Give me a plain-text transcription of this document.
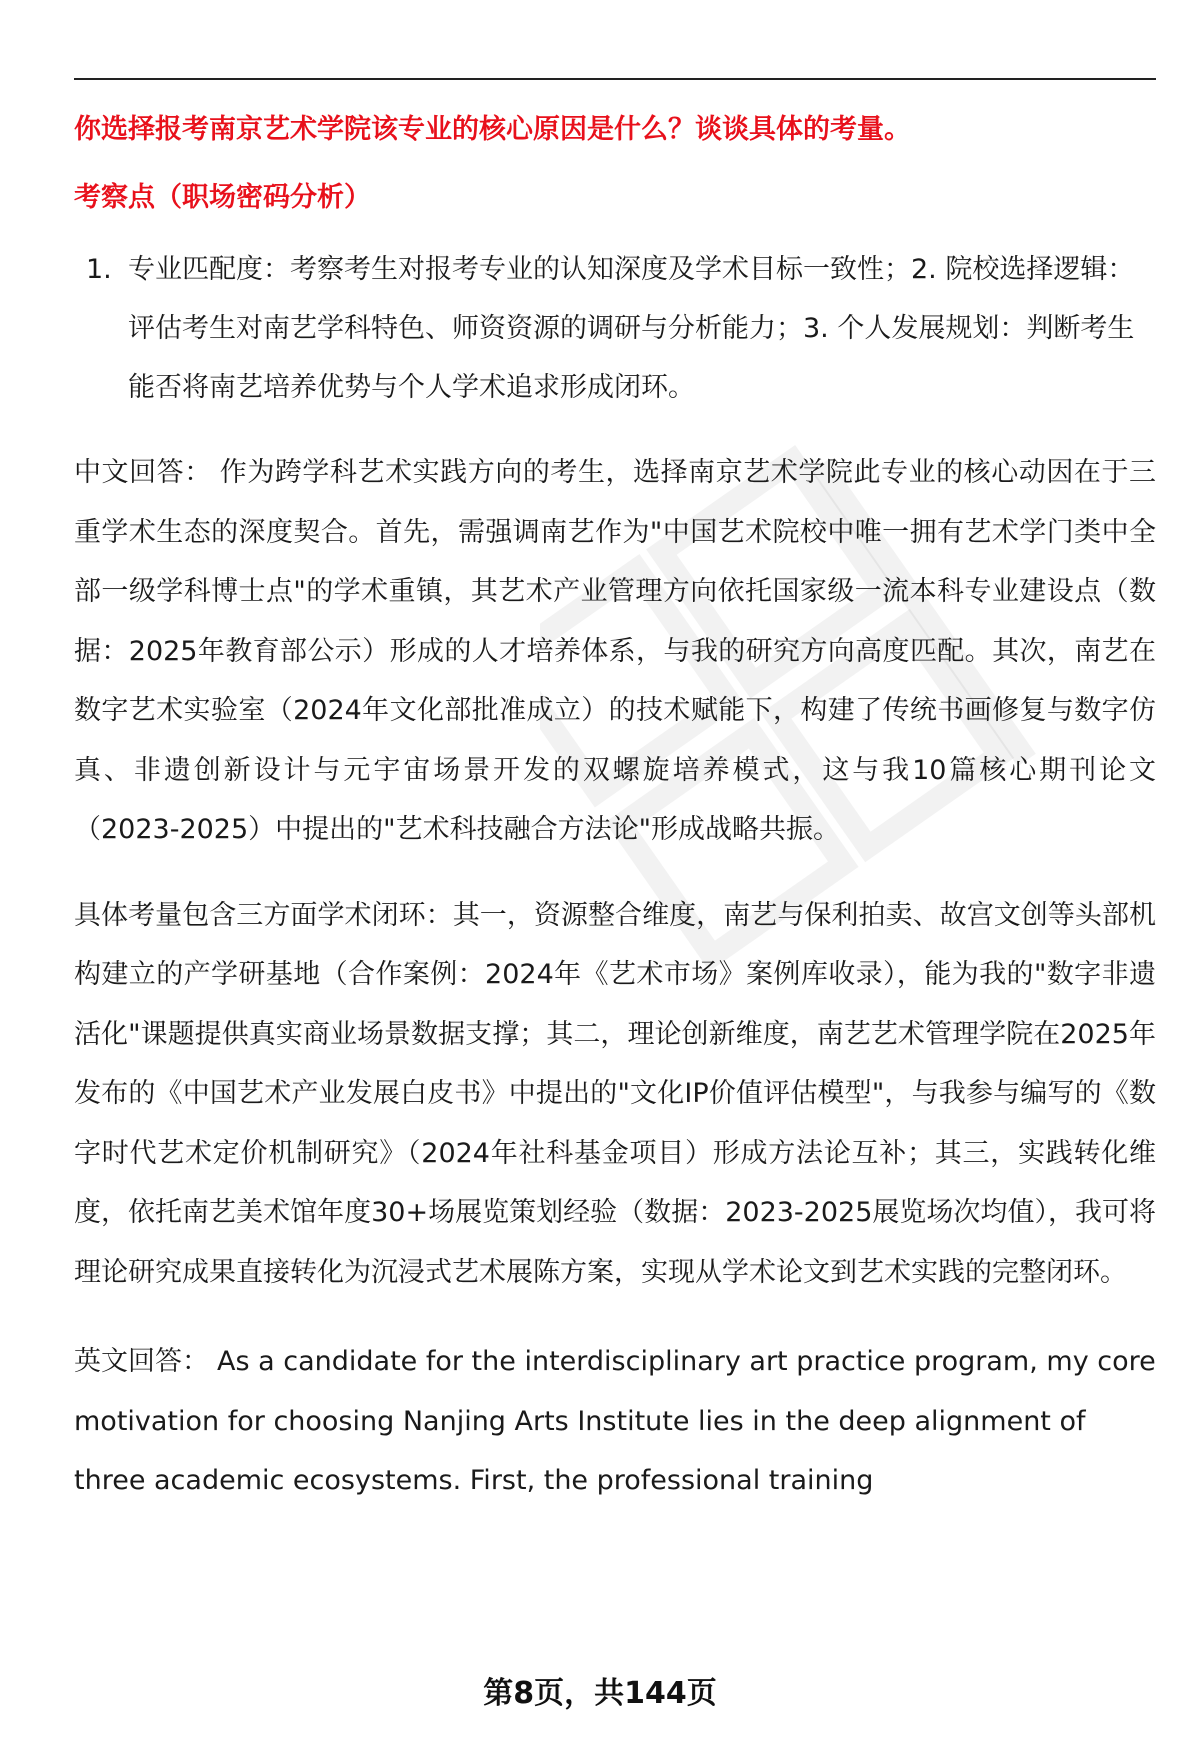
你选择报考南京艺术学院该专业的核心原因是什么？谈谈具体的考量。

考察点（职场密码分析）

1. 专业匹配度：考察考生对报考专业的认知深度及学术目标一致性；2. 院校选择逻辑：评估考生对南艺学科特色、师资资源的调研与分析能力；3. 个人发展规划：判断考生能否将南艺培养优势与个人学术追求形成闭环。

中文回答： 作为跨学科艺术实践方向的考生，选择南京艺术学院此专业的核心动因在于三重学术生态的深度契合。首先，需强调南艺作为"中国艺术院校中唯一拥有艺术学门类中全部一级学科博士点"的学术重镇，其艺术产业管理方向依托国家级一流本科专业建设点（数据：2025年教育部公示）形成的人才培养体系，与我的研究方向高度匹配。其次，南艺在数字艺术实验室（2024年文化部批准成立）的技术赋能下，构建了传统书画修复与数字仿真、非遗创新设计与元宇宙场景开发的双螺旋培养模式，这与我10篇核心期刊论文（2023-2025）中提出的"艺术科技融合方法论"形成战略共振。

具体考量包含三方面学术闭环：其一，资源整合维度，南艺与保利拍卖、故宫文创等头部机构建立的产学研基地（合作案例：2024年《艺术市场》案例库收录），能为我的"数字非遗活化"课题提供真实商业场景数据支撑；其二，理论创新维度，南艺艺术管理学院在2025年发布的《中国艺术产业发展白皮书》中提出的"文化IP价值评估模型"，与我参与编写的《数字时代艺术定价机制研究》（2024年社科基金项目）形成方法论互补；其三，实践转化维度，依托南艺美术馆年度30+场展览策划经验（数据：2023-2025展览场次均值），我可将理论研究成果直接转化为沉浸式艺术展陈方案，实现从学术论文到艺术实践的完整闭环。

英文回答： As a candidate for the interdisciplinary art practice program, my core motivation for choosing Nanjing Arts Institute lies in the deep alignment of three academic ecosystems. First, the professional training

第8页，共144页
